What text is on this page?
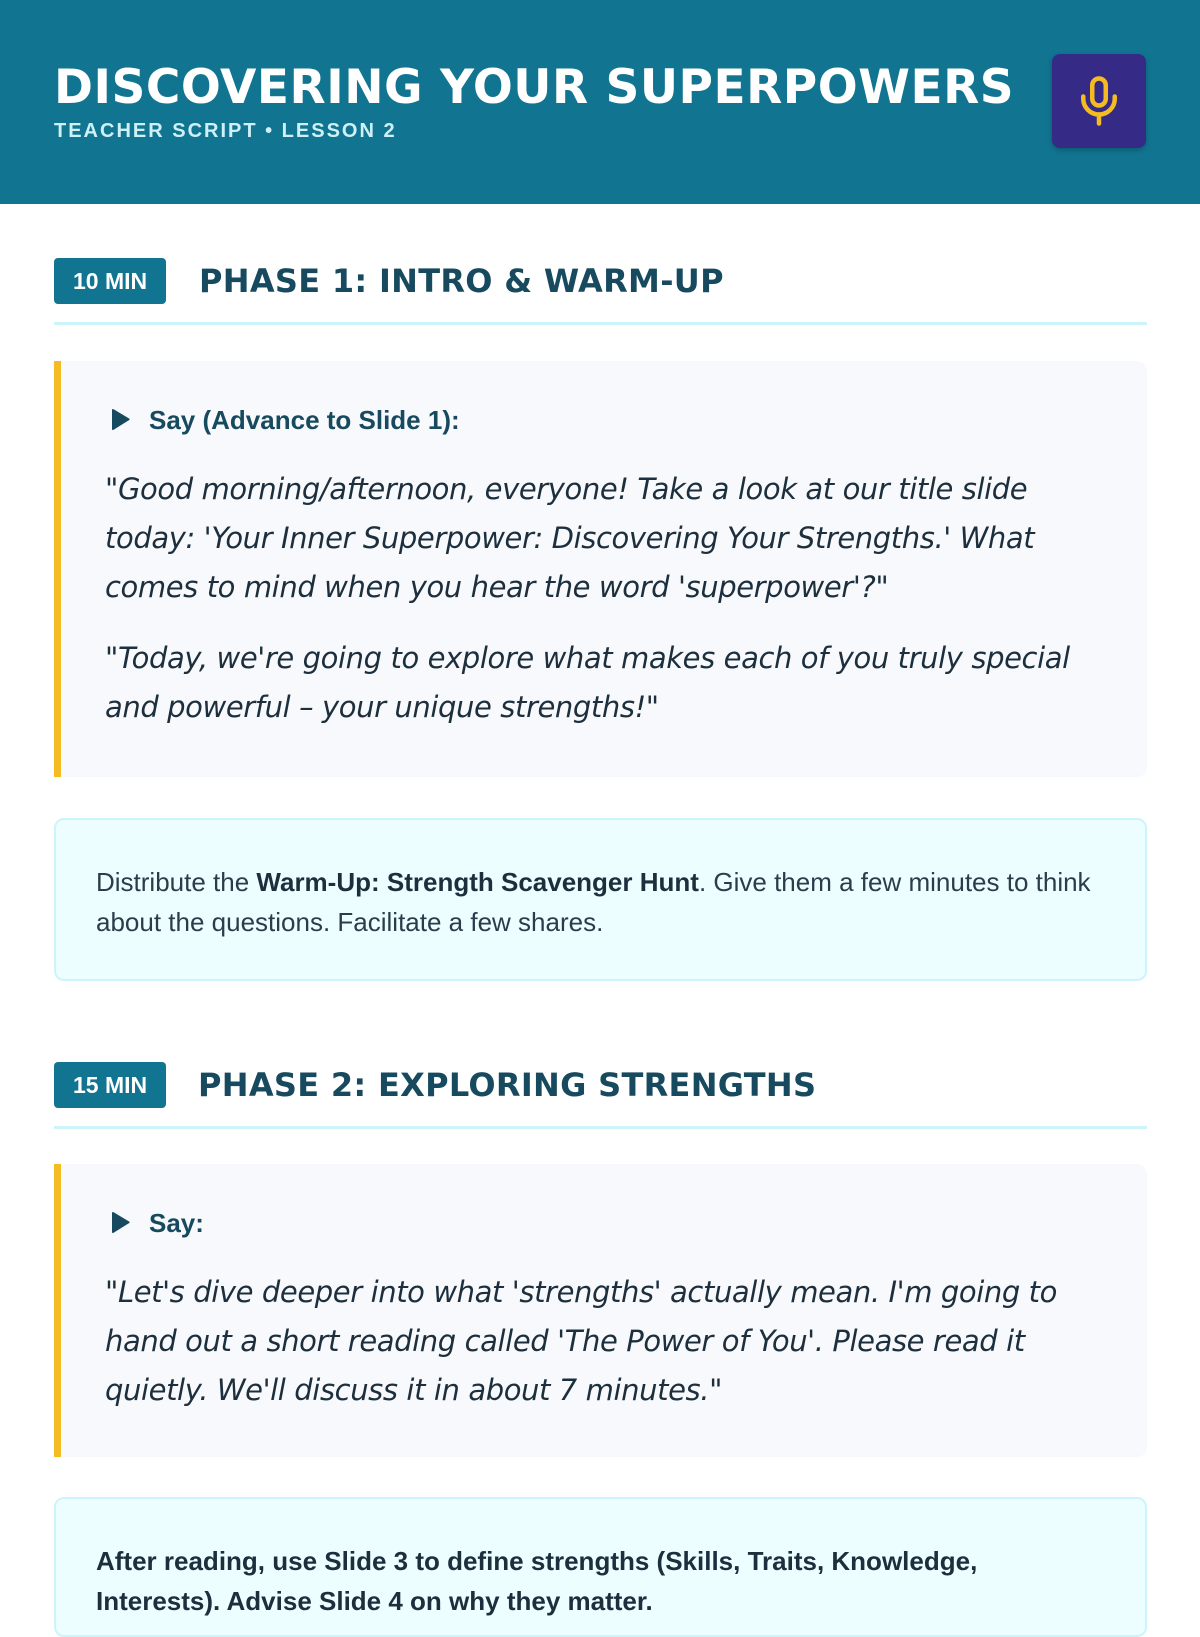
DISCOVERING YOUR SUPERPOWERS
TEACHER SCRIPT • LESSON 2
10 MIN	PHASE 1: INTRO & WARM-UP
Say (Advance to Slide 1):

"Good morning/afternoon, everyone! Take a look at our title slide today: 'Your Inner Superpower: Discovering Your Strengths.' What comes to mind when you hear the word 'superpower'?"

"Today, we're going to explore what makes each of you truly special and powerful – your unique strengths!"

Distribute the Warm-Up: Strength Scavenger Hunt. Give them a few minutes to think about the questions. Facilitate a few shares.
15 MIN	PHASE 2: EXPLORING STRENGTHS
Say:

"Let's dive deeper into what 'strengths' actually mean. I'm going to hand out a short reading called 'The Power of You'. Please read it quietly. We'll discuss it in about 7 minutes."

After reading, use Slide 3 to define strengths (Skills, Traits, Knowledge, Interests). Advise Slide 4 on why they matter.
